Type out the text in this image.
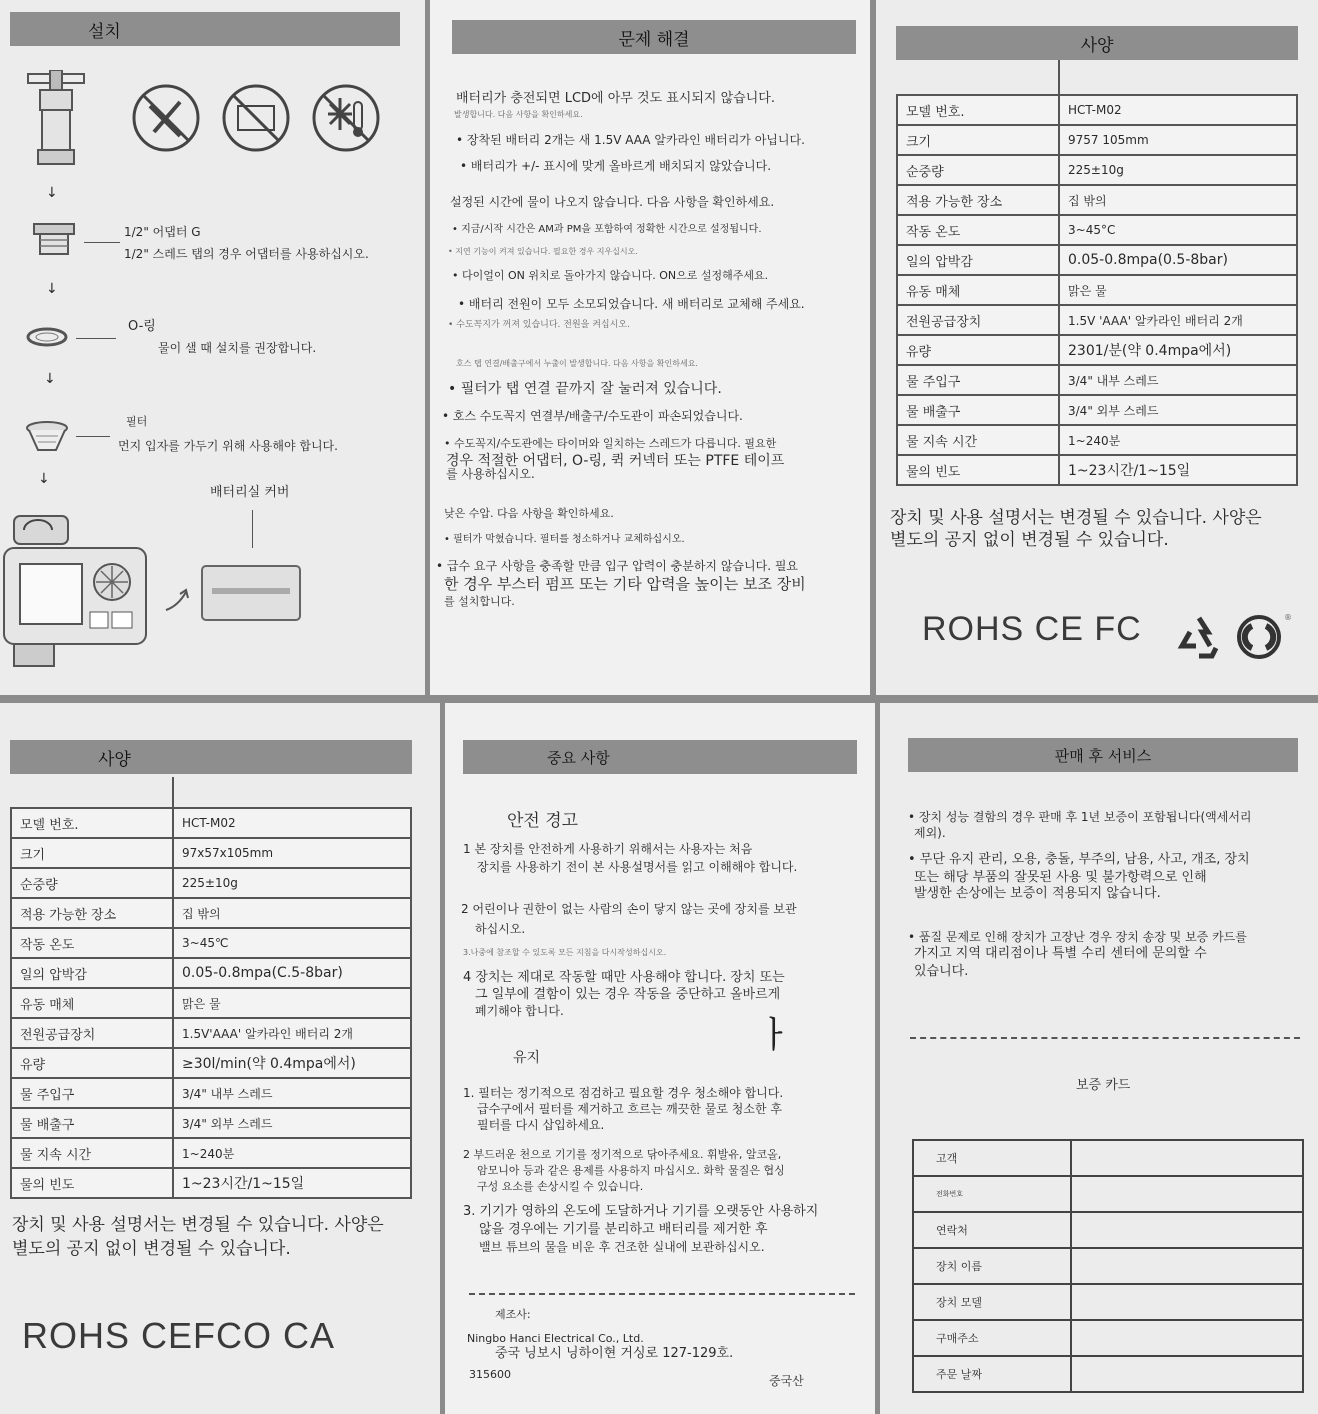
설치
↓
1/2" 어댑터 G
1/2" 스레드 탭의 경우 어댑터를 사용하십시오.
↓
O-링
물이 샐 때 설치를 권장합니다.
↓
필터
먼지 입자를 가두기 위해 사용해야 합니다.
↓
배터리실 커버
문제 해결
배터리가 충전되면 LCD에 아무 것도 표시되지 않습니다.
발생합니다. 다음 사항을 확인하세요.
• 장착된 배터리 2개는 새 1.5V AAA 알카라인 배터리가 아닙니다.
• 배터리가 +/- 표시에 맞게 올바르게 배치되지 않았습니다.
설정된 시간에 물이 나오지 않습니다. 다음 사항을 확인하세요.
• 지금/시작 시간은 AM과 PM을 포함하여 정확한 시간으로 설정됩니다.
• 지연 기능이 켜져 있습니다. 필요한 경우 지우십시오.
• 다이얼이 ON 위치로 돌아가지 않습니다. ON으로 설정해주세요.
• 배터리 전원이 모두 소모되었습니다. 새 배터리로 교체해 주세요.
• 수도꼭지가 꺼져 있습니다. 전원을 켜십시오.
호스 탭 연결/배출구에서 누출이 발생합니다. 다음 사항을 확인하세요.
• 필터가 탭 연결 끝까지 잘 눌러져 있습니다.
• 호스 수도꼭지 연결부/배출구/수도관이 파손되었습니다.
• 수도꼭지/수도관에는 타이머와 일치하는 스레드가 다릅니다. 필요한
경우 적절한 어댑터, O-링, 퀵 커넥터 또는 PTFE 테이프
를 사용하십시오.
낮은 수압. 다음 사항을 확인하세요.
• 필터가 막혔습니다. 필터를 청소하거나 교체하십시오.
• 급수 요구 사항을 충족할 만큼 입구 압력이 충분하지 않습니다. 필요
한 경우 부스터 펌프 또는 기타 압력을 높이는 보조 장비
를 설치합니다.
사양
모델 번호.	HCT-M02
크기	9757 105mm
순중량	225±10g
적용 가능한 장소	집 밖의
작동 온도	3~45°C
일의 압박감	0.05-0.8mpa(0.5-8bar)
유동 매체	맑은 물
전원공급장치	1.5V 'AAA' 알카라인 배터리 2개
유량	2301/분(약 0.4mpa에서)
물 주입구	3/4" 내부 스레드
물 배출구	3/4" 외부 스레드
물 지속 시간	1~240분
물의 빈도	1~23시간/1~15일
장치 및 사용 설명서는 변경될 수 있습니다. 사양은
별도의 공지 없이 변경될 수 있습니다.
ROHS CE FC	®
사양
모델 번호.	HCT-M02
크기	97x57x105mm
순중량	225±10g
적용 가능한 장소	집 밖의
작동 온도	3~45℃
일의 압박감	0.05-0.8mpa(C.5-8bar)
유동 매체	맑은 물
전원공급장치	1.5V'AAA' 알카라인 배터리 2개
유량	≥30l/min(약 0.4mpa에서)
물 주입구	3/4" 내부 스레드
물 배출구	3/4" 외부 스레드
물 지속 시간	1~240분
물의 빈도	1~23시간/1~15일
장치 및 사용 설명서는 변경될 수 있습니다. 사양은
별도의 공지 없이 변경될 수 있습니다.
ROHS CEFCO CA
중요 사항
안전 경고
1 본 장치를 안전하게 사용하기 위해서는 사용자는 처음
장치를 사용하기 전이 본 사용설명서를 읽고 이해해야 합니다.
2 어린이나 권한이 없는 사람의 손이 닿지 않는 곳에 장치를 보관
하십시오.
3.나중에 참조할 수 있도록 모든 지침을 다시작성하십시오.
4 장치는 제대로 작동할 때만 사용해야 합니다. 장치 또는
그 일부에 결함이 있는 경우 작동을 중단하고 올바르게
폐기해야 합니다.
ㅏ
유지
1. 필터는 정기적으로 점검하고 필요할 경우 청소해야 합니다.
급수구에서 필터를 제거하고 흐르는 깨끗한 물로 청소한 후
필터를 다시 삽입하세요.
2 부드러운 천으로 기기를 정기적으로 닦아주세요. 휘발유, 알코올,
암모니아 등과 같은 용제를 사용하지 마십시오. 화학 물질은 협싱
구성 요소를 손상시킬 수 있습니다.
3. 기기가 영하의 온도에 도달하거나 기기를 오랫동안 사용하지
않을 경우에는 기기를 분리하고 배터리를 제거한 후
밸브 튜브의 물을 비운 후 건조한 실내에 보관하십시오.
제조사:
Ningbo Hanci Electrical Co., Ltd.
중국 닝보시 닝하이현 거싱로 127-129호.
315600	중국산
판매 후 서비스
• 장치 성능 결함의 경우 판매 후 1년 보증이 포함됩니다(액세서리
제외).
• 무단 유지 관리, 오용, 충돌, 부주의, 남용, 사고, 개조, 장치
또는 해당 부품의 잘못된 사용 및 불가항력으로 인해
발생한 손상에는 보증이 적용되지 않습니다.
• 품질 문제로 인해 장치가 고장난 경우 장치 송장 및 보증 카드를
가지고 지역 대리점이나 특별 수리 센터에 문의할 수
있습니다.
보증 카드
고객	
전화번호	
연락처	
장치 이름	
장치 모델	
구매주소	
주문 날짜	
